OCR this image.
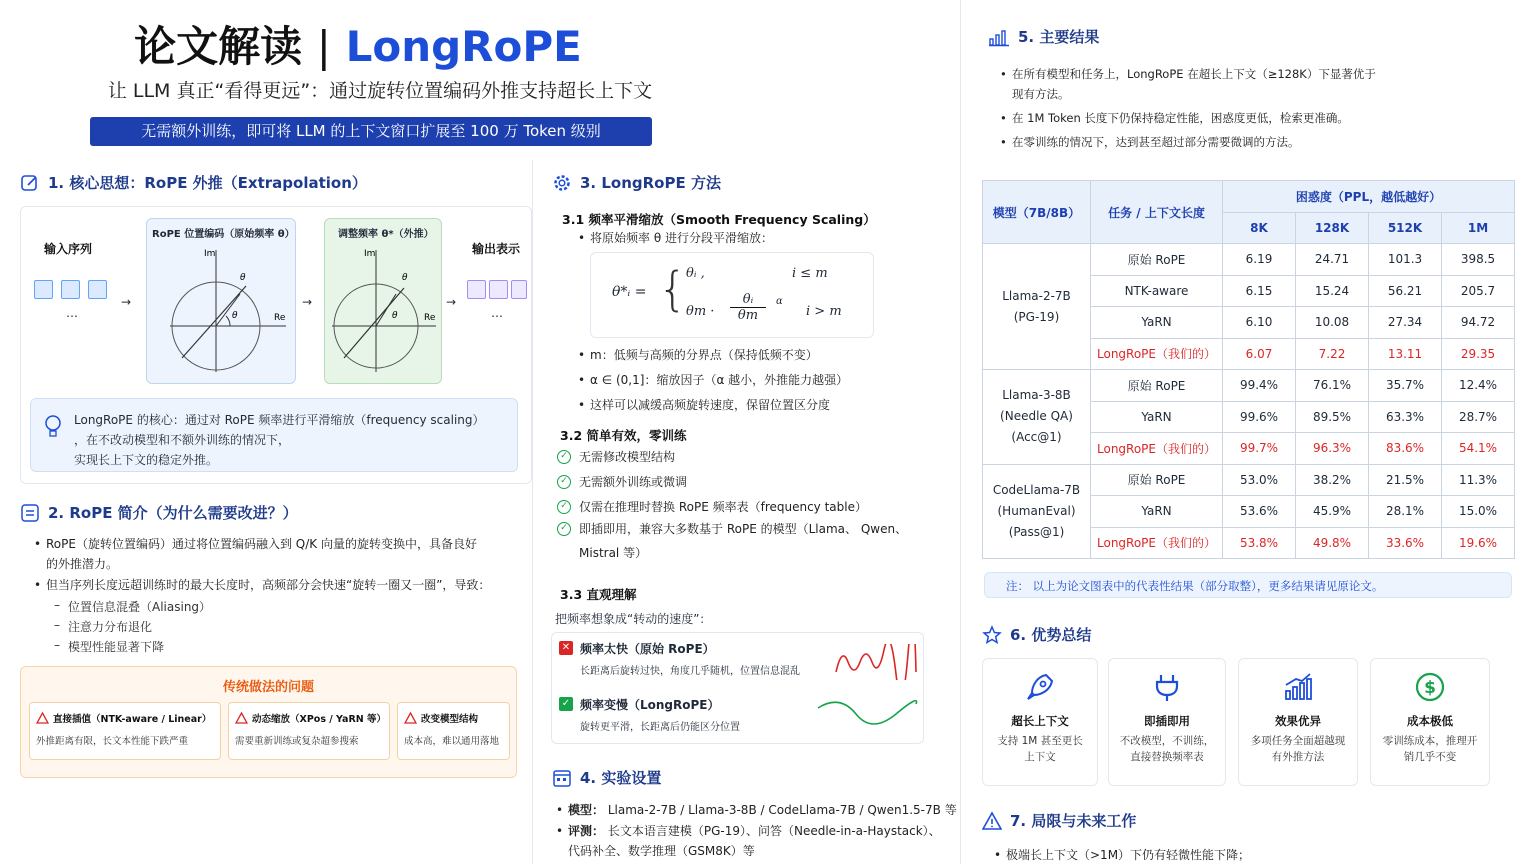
论文解读 | LongRoPE
让 LLM 真正“看得更远”：通过旋转位置编码外推支持超长上下文
无需额外训练，即可将 LLM 的上下文窗口扩展至 100 万 Token 级别
1. 核心思想：RoPE 外推（Extrapolation）
输入序列
…
→
RoPE 位置编码（原始频率 θ）
Im
Re
θ
θ
→
调整频率 θ*（外推）
Im
Re
θ
θ
→
输出表示
…
LongRoPE 的核心：通过对 RoPE 频率进行平滑缩放（frequency scaling）
，在不改动模型和不额外训练的情况下，
实现长上下文的稳定外推。
2. RoPE 简介（为什么需要改进？）
• RoPE（旋转位置编码）通过将位置编码融入到 Q/K 向量的旋转变换中，具备良好
的外推潜力。
• 但当序列长度远超训练时的最大长度时，高频部分会快速“旋转一圈又一圈”，导致：
– 位置信息混叠（Aliasing）
– 注意力分布退化
– 模型性能显著下降
传统做法的问题
直接插值（NTK-aware / Linear）
外推距离有限，长文本性能下跌严重
动态缩放（XPos / YaRN 等）
需要重新训练或复杂超参搜索
改变模型结构
成本高，难以通用落地
3. LongRoPE 方法
3.1 频率平滑缩放（Smooth Frequency Scaling）
• 将原始频率 θ 进行分段平滑缩放：
θ*ᵢ = {
θᵢ ,	i ≤ m
θm ·
θᵢ
θm
α
i > m
• m：低频与高频的分界点（保持低频不变）
• α ∈ (0,1]：缩放因子（α 越小，外推能力越强）
• 这样可以减缓高频旋转速度，保留位置区分度
3.2 简单有效，零训练
✓ 无需修改模型结构
✓ 无需额外训练或微调
✓ 仅需在推理时替换 RoPE 频率表（frequency table）
✓ 即插即用，兼容大多数基于 RoPE 的模型（Llama、 Qwen、
Mistral 等）
3.3 直观理解
把频率想象成“转动的速度”：
✕ 频率太快（原始 RoPE）
长距离后旋转过快，角度几乎随机，位置信息混乱
✓ 频率变慢（LongRoPE）
旋转更平滑，长距离后仍能区分位置
4. 实验设置
• 模型： Llama-2-7B / Llama-3-8B / CodeLlama-7B / Qwen1.5-7B 等
• 评测： 长文本语言建模（PG-19）、问答（Needle-in-a-Haystack）、
代码补全、数学推理（GSM8K）等
5. 主要结果
• 在所有模型和任务上，LongRoPE 在超长上下文（≥128K）下显著优于
现有方法。
• 在 1M Token 长度下仍保持稳定性能，困惑度更低，检索更准确。
• 在零训练的情况下，达到甚至超过部分需要微调的方法。
模型（7B/8B）	任务 / 上下文长度	困惑度（PPL，越低越好）			
		8K	128K	512K	1M

Llama-2-7B
(PG-19)	原始 RoPE	6.19	24.71	101.3	398.5
	NTK-aware	6.15	15.24	56.21	205.7
	YaRN	6.10	10.08	27.34	94.72
	LongRoPE（我们的）	6.07	7.22	13.11	29.35

Llama-3-8B
(Needle QA)
(Acc@1)	原始 RoPE	99.4%	76.1%	35.7%	12.4%
	YaRN	99.6%	89.5%	63.3%	28.7%
	LongRoPE（我们的）	99.7%	96.3%	83.6%	54.1%

CodeLlama-7B
(HumanEval)
(Pass@1)	原始 RoPE	53.0%	38.2%	21.5%	11.3%
	YaRN	53.6%	45.9%	28.1%	15.0%
	LongRoPE（我们的）	53.8%	49.8%	33.6%	19.6%
注： 以上为论文图表中的代表性结果（部分取整），更多结果请见原论文。
6. 优势总结
超长上下文
支持 1M 甚至更长上下文
即插即用
不改模型，不训练，直接替换频率表
效果优异
多项任务全面超越现有外推方法
$
成本极低
零训练成本，推理开销几乎不变
7. 局限与未来工作
• 极端长上下文（>1M）下仍有轻微性能下降；
